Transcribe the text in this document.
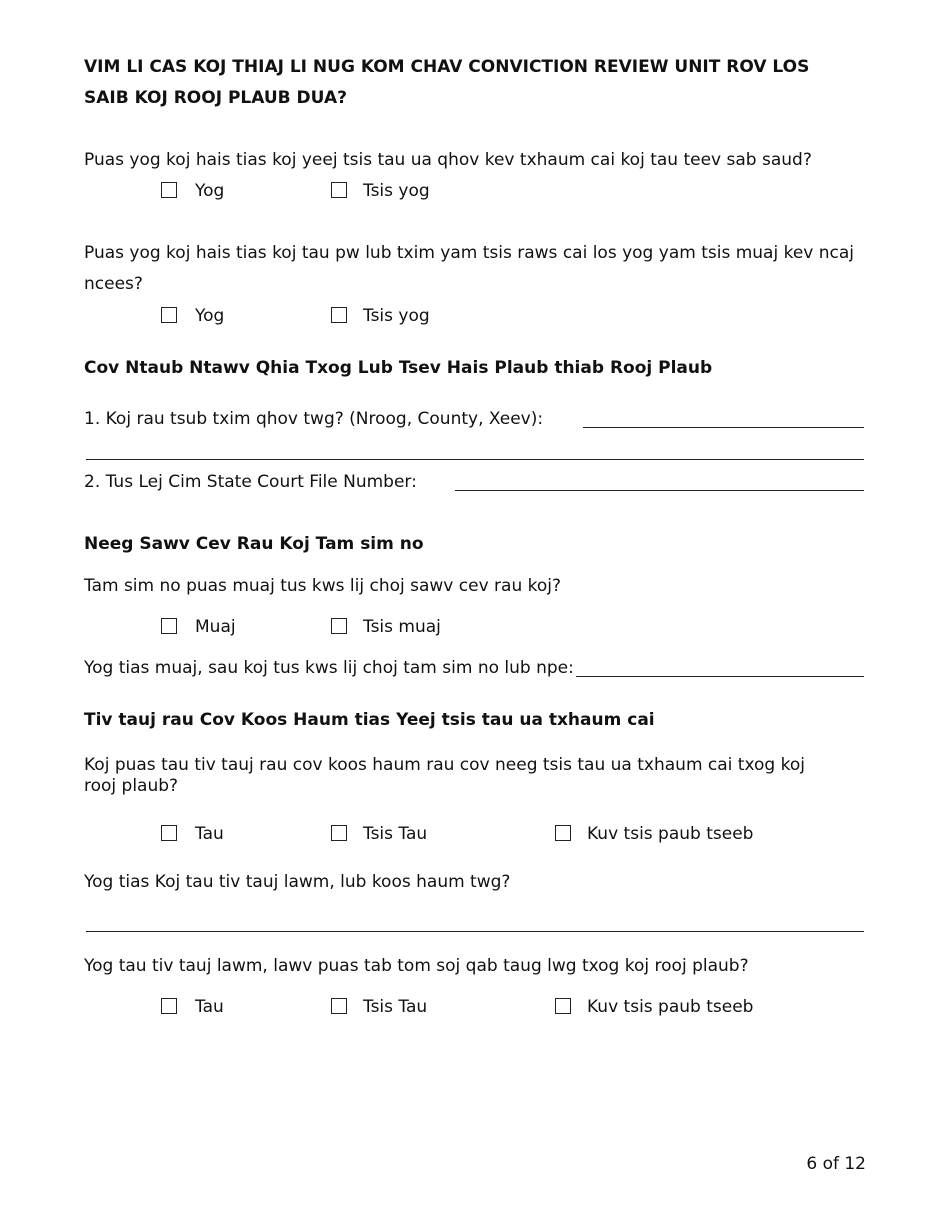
VIM LI CAS KOJ THIAJ LI NUG KOM CHAV CONVICTION REVIEW UNIT ROV LOS
SAIB KOJ ROOJ PLAUB DUA?
Puas yog koj hais tias koj yeej tsis tau ua qhov kev txhaum cai koj tau teev sab saud?
Yog	Tsis yog
Puas yog koj hais tias koj tau pw lub txim yam tsis raws cai los yog yam tsis muaj kev ncaj
ncees?
Yog	Tsis yog
Cov Ntaub Ntawv Qhia Txog Lub Tsev Hais Plaub thiab Rooj Plaub
1. Koj rau tsub txim qhov twg? (Nroog, County, Xeev):
2. Tus Lej Cim State Court File Number:
Neeg Sawv Cev Rau Koj Tam sim no
Tam sim no puas muaj tus kws lij choj sawv cev rau koj?
Muaj	Tsis muaj
Yog tias muaj, sau koj tus kws lij choj tam sim no lub npe:
Tiv tauj rau Cov Koos Haum tias Yeej tsis tau ua txhaum cai
Koj puas tau tiv tauj rau cov koos haum rau cov neeg tsis tau ua txhaum cai txog koj
rooj plaub?
Tau	Tsis Tau	Kuv tsis paub tseeb
Yog tias Koj tau tiv tauj lawm, lub koos haum twg?
Yog tau tiv tauj lawm, lawv puas tab tom soj qab taug lwg txog koj rooj plaub?
Tau	Tsis Tau	Kuv tsis paub tseeb
6 of 12
